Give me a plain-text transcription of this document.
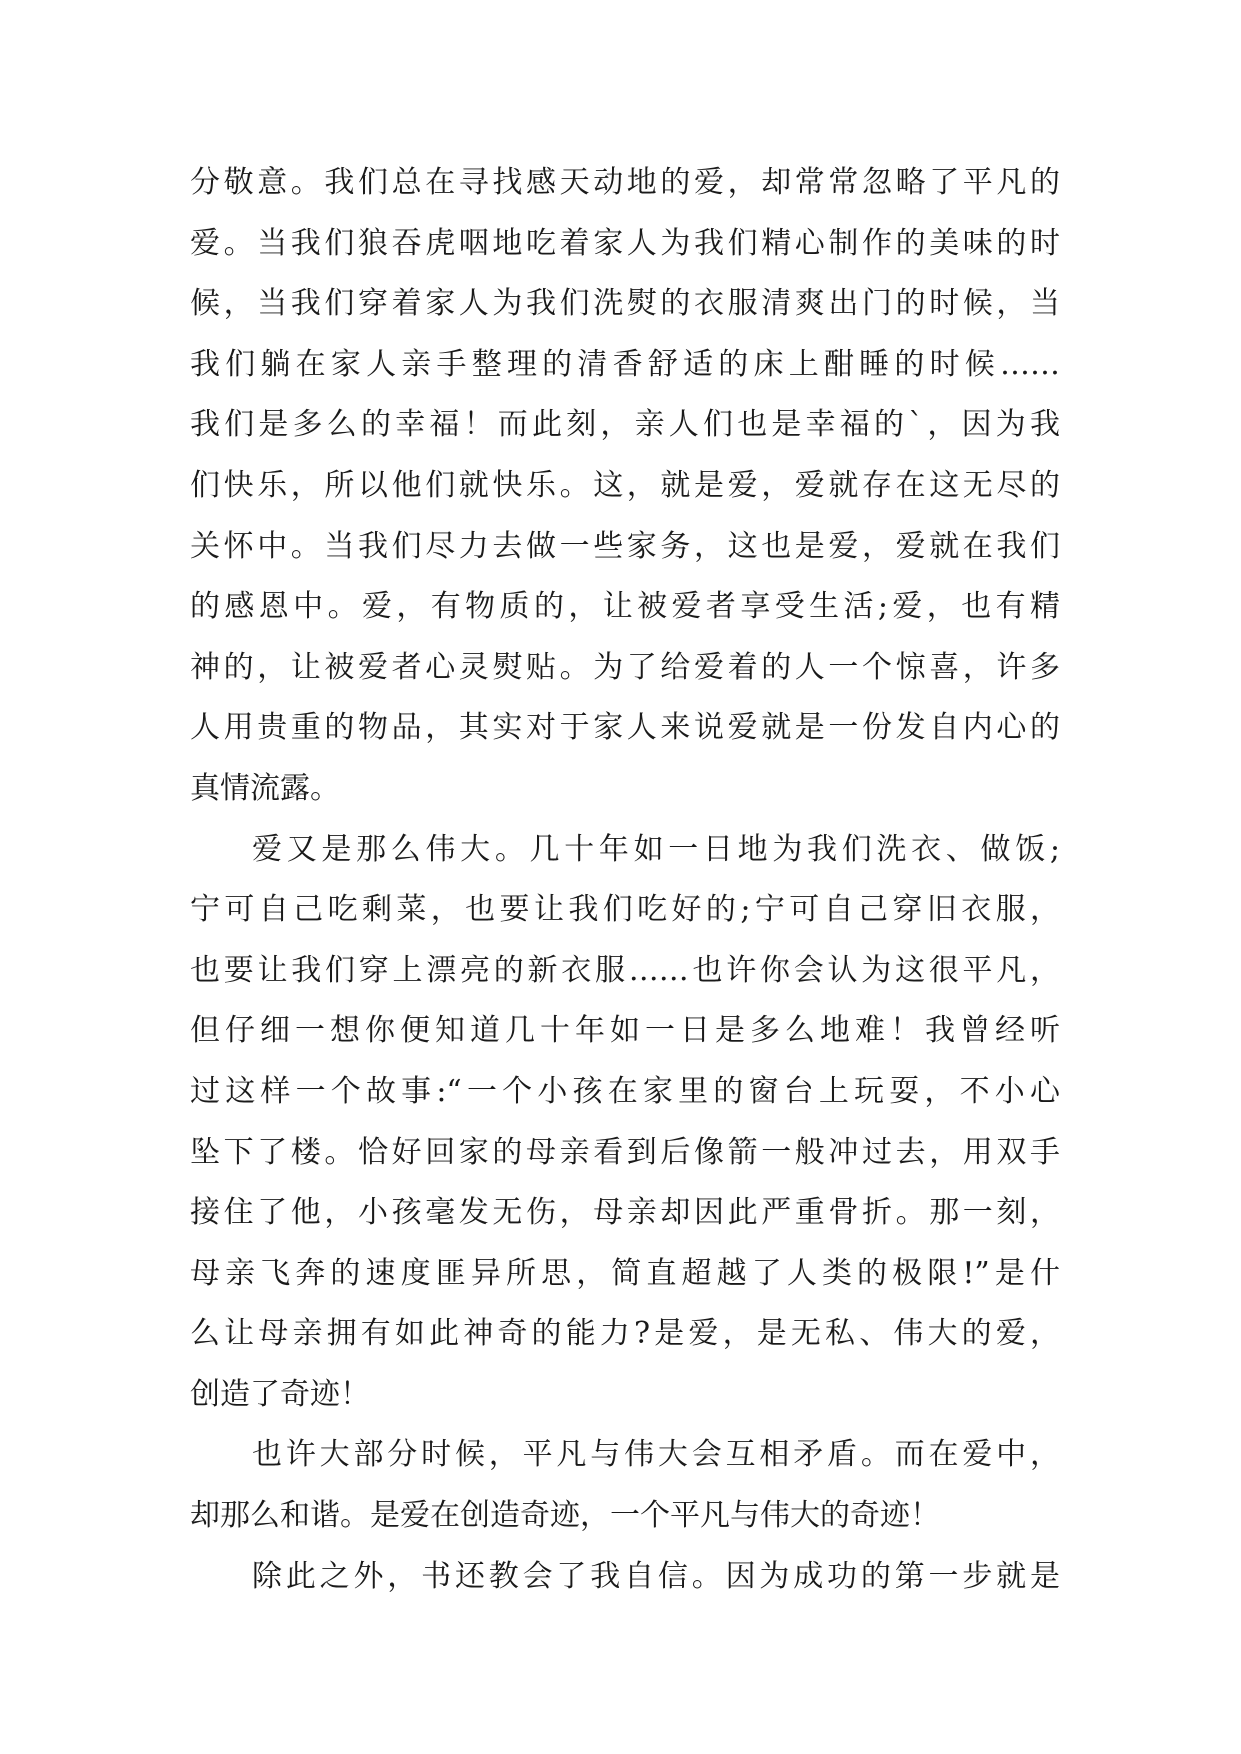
分敬意。我们总在寻找感天动地的爱，却常常忽略了平凡的
爱。当我们狼吞虎咽地吃着家人为我们精心制作的美味的时
候，当我们穿着家人为我们洗熨的衣服清爽出门的时候，当
我们躺在家人亲手整理的清香舒适的床上酣睡的时候……
我们是多么的幸福！而此刻，亲人们也是幸福的`，因为我
们快乐，所以他们就快乐。这，就是爱，爱就存在这无尽的
关怀中。当我们尽力去做一些家务，这也是爱，爱就在我们
的感恩中。爱，有物质的，让被爱者享受生活;爱，也有精
神的，让被爱者心灵熨贴。为了给爱着的人一个惊喜，许多
人用贵重的物品，其实对于家人来说爱就是一份发自内心的
真情流露。
爱又是那么伟大。几十年如一日地为我们洗衣、做饭;
宁可自己吃剩菜，也要让我们吃好的;宁可自己穿旧衣服，
也要让我们穿上漂亮的新衣服……也许你会认为这很平凡，
但仔细一想你便知道几十年如一日是多么地难！我曾经听
过这样一个故事:“一个小孩在家里的窗台上玩耍，不小心
坠下了楼。恰好回家的母亲看到后像箭一般冲过去，用双手
接住了他，小孩毫发无伤，母亲却因此严重骨折。那一刻，
母亲飞奔的速度匪异所思，简直超越了人类的极限!”是什
么让母亲拥有如此神奇的能力?是爱，是无私、伟大的爱，
创造了奇迹！
也许大部分时候，平凡与伟大会互相矛盾。而在爱中，
却那么和谐。是爱在创造奇迹，一个平凡与伟大的奇迹！
除此之外，书还教会了我自信。因为成功的第一步就是
